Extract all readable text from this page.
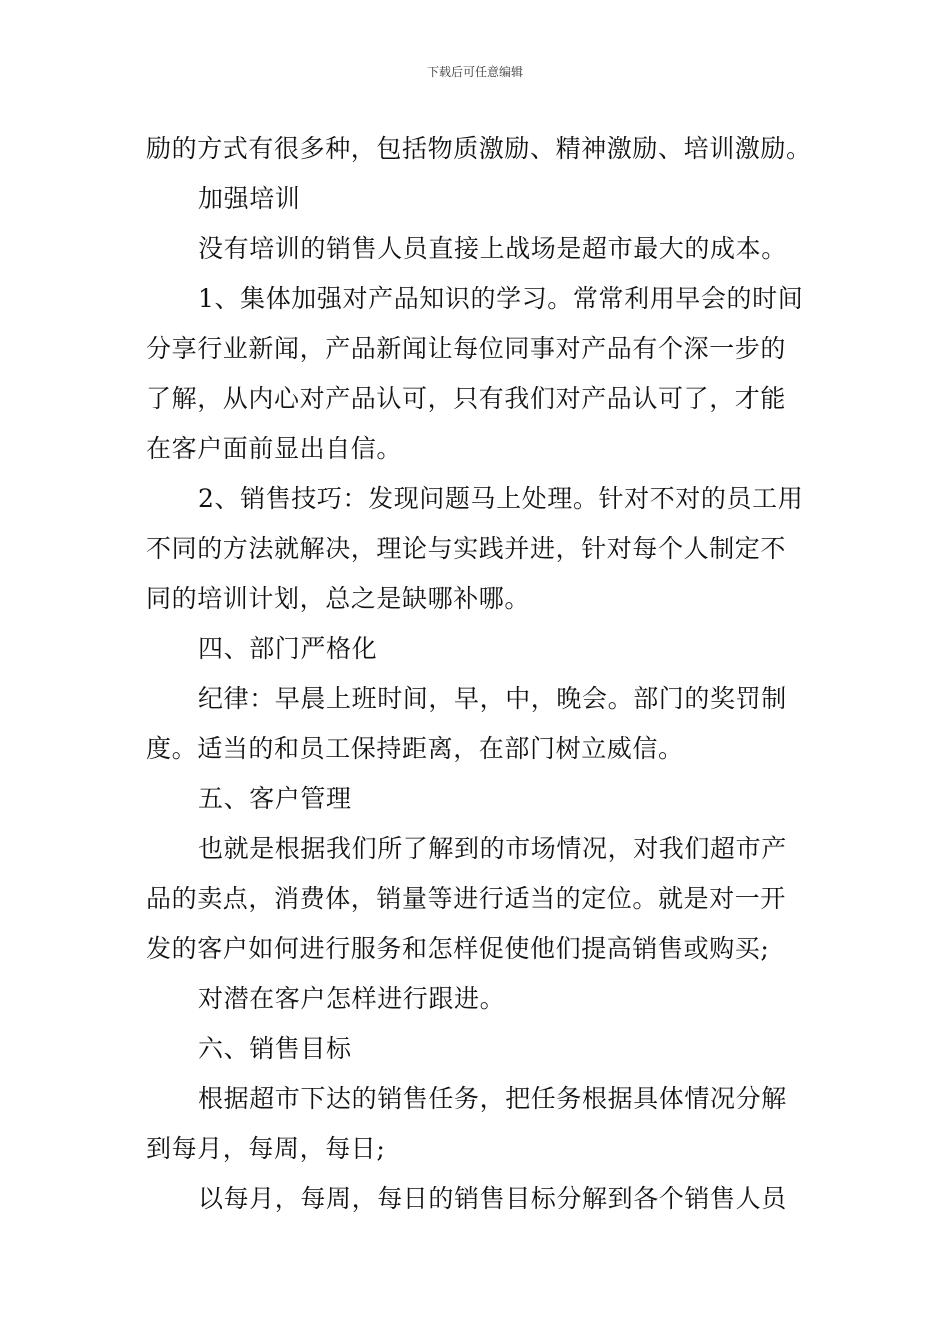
下载后可任意编辑
励的方式有很多种，包括物质激励、精神激励、培训激励。
加强培训
没有培训的销售人员直接上战场是超市最大的成本。
1、集体加强对产品知识的学习。常常利用早会的时间
分享行业新闻，产品新闻让每位同事对产品有个深一步的
了解，从内心对产品认可，只有我们对产品认可了，才能
在客户面前显出自信。
2、销售技巧：发现问题马上处理。针对不对的员工用
不同的方法就解决，理论与实践并进，针对每个人制定不
同的培训计划，总之是缺哪补哪。
四、部门严格化
纪律：早晨上班时间，早，中，晚会。部门的奖罚制
度。适当的和员工保持距离，在部门树立威信。
五、客户管理
也就是根据我们所了解到的市场情况，对我们超市产
品的卖点，消费体，销量等进行适当的定位。就是对一开
发的客户如何进行服务和怎样促使他们提高销售或购买;
对潜在客户怎样进行跟进。
六、销售目标
根据超市下达的销售任务，把任务根据具体情况分解
到每月，每周，每日;
以每月，每周，每日的销售目标分解到各个销售人员
